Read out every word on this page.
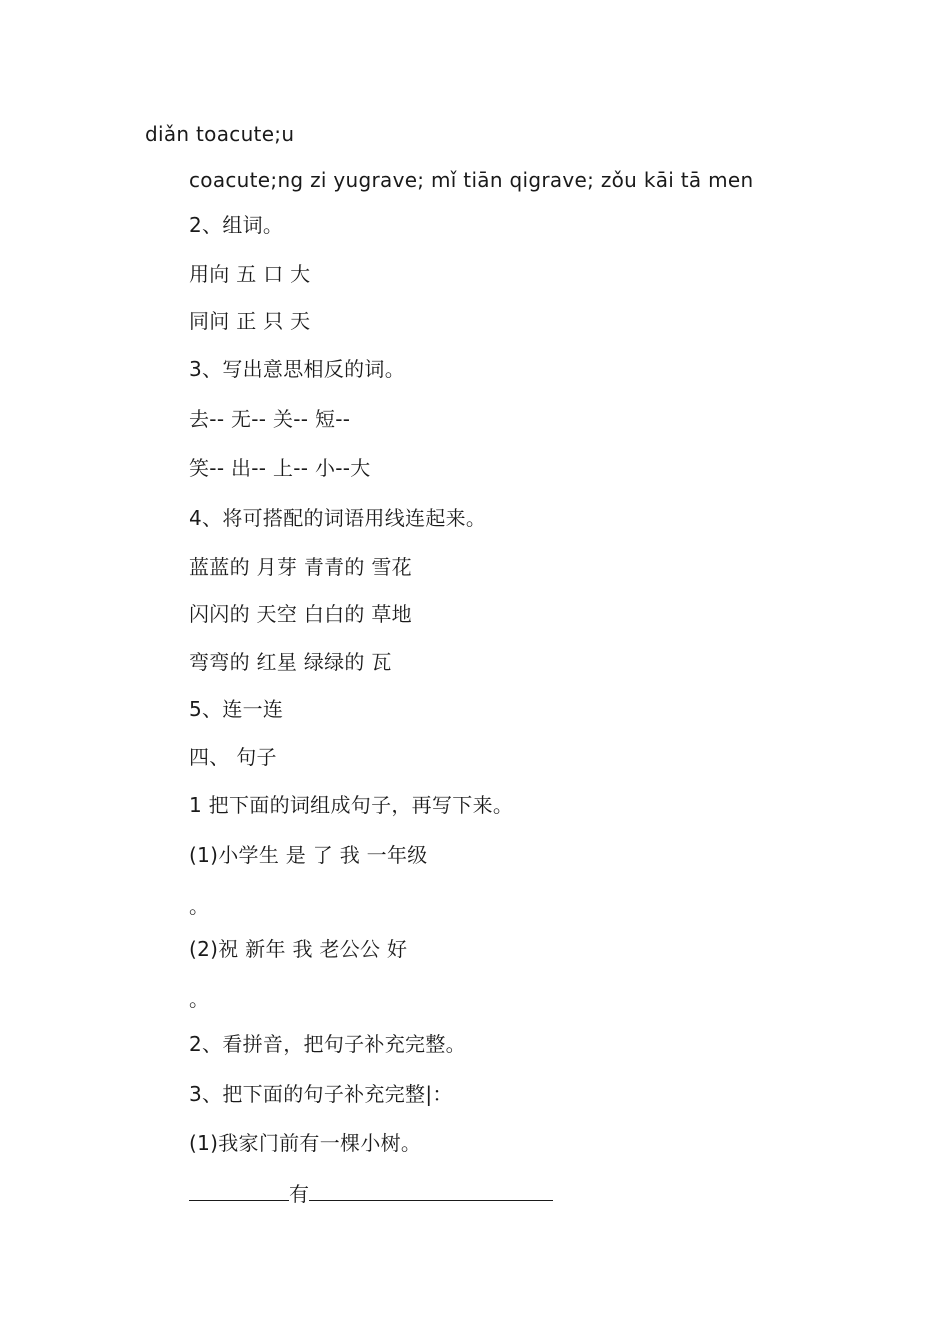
diǎn toacute;u
coacute;ng zi yugrave; mǐ tiān qigrave; zǒu kāi tā men
2、组词。
用向 五 口 大
同问 正 只 天
3、写出意思相反的词。
去-- 无-- 关-- 短--
笑-- 出-- 上-- 小--大
4、将可搭配的词语用线连起来。
蓝蓝的 月芽 青青的 雪花
闪闪的 天空 白白的 草地
弯弯的 红星 绿绿的 瓦
5、连一连
四、 句子
1 把下面的词组成句子，再写下来。
(1)小学生 是 了 我 一年级
。
(2)祝 新年 我 老公公 好
。
2、看拼音，把句子补充完整。
3、把下面的句子补充完整|：
(1)我家门前有一棵小树。
有
